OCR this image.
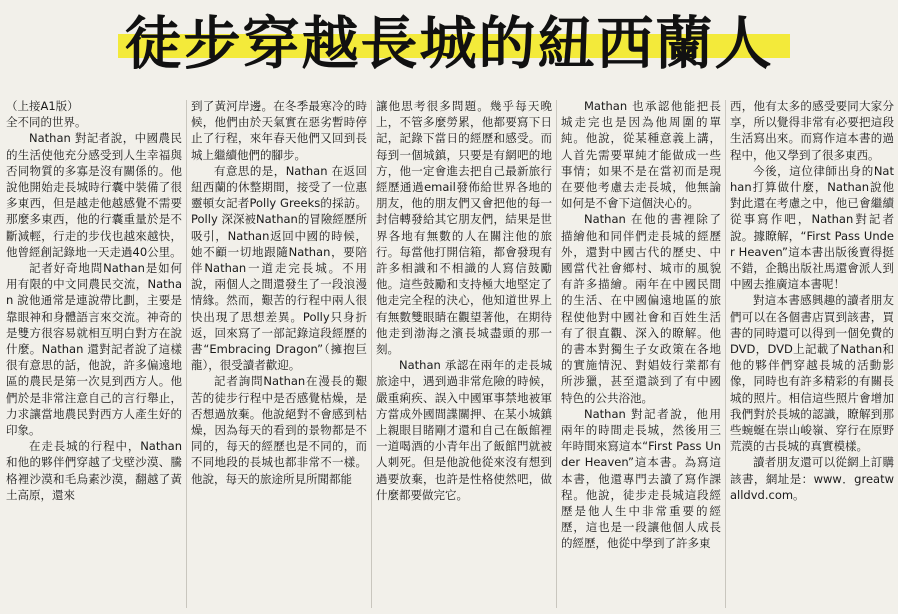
徒步穿越長城的紐西蘭人

（上接A1版）

全不同的世界。

Nathan 對記者說，中國農民的生活使他充分感受到人生幸福與否同物質的多寡是沒有關係的。他說他開始走長城時行囊中裝備了很多東西，但是越走他越感覺不需要那麼多東西，他的行囊重量於是不斷減輕，行走的步伐也越來越快，他曾經創記錄地一天走過40公里。

記者好奇地問Nathan是如何用有限的中文同農民交流，Nathan 說他通常是連說帶比劃，主要是靠眼神和身體語言來交流。神奇的是雙方很容易就相互明白對方在說什麼。Nathan 還對記者說了這樣很有意思的話，他說，許多偏遠地區的農民是第一次見到西方人。他們於是非常注意自己的言行舉止，力求讓當地農民對西方人產生好的印象。

在走長城的行程中，Nathan和他的夥伴們穿越了戈壁沙漠、騰格裡沙漠和毛烏素沙漠，翻越了黃土高原，還來

到了黃河岸邊。在冬季最寒冷的時候，他們由於天氣實在惡劣暫時停止了行程，來年春天他們又回到長城上繼續他們的腳步。

有意思的是，Nathan 在返回紐西蘭的休整期間，接受了一位惠靈頓女記者Polly Greeks的採訪。Polly 深深被Nathan的冒險經歷所吸引，Nathan返回中國的時候，她不顧一切地跟隨Nathan，要陪伴Nathan一道走完長城。不用說，兩個人之間還發生了一段浪漫情緣。然而，艱苦的行程中兩人很快出現了思想差異。Polly只身折返，回來寫了一部記錄這段經歷的書“Embracing Dragon”（擁抱巨龍），很受讀者歡迎。

記者詢問Nathan在漫長的艱苦的徒步行程中是否感覺枯燥，是否想過放棄。他說絕對不會感到枯燥，因為每天的看到的景物都是不同的，每天的經歷也是不同的，而不同地段的長城也都非常不一樣。他說，每天的旅途所見所聞都能

讓他思考很多問題。幾乎每天晚上，不管多麼勞累，他都要寫下日記，記錄下當日的經歷和感受。而每到一個城鎮，只要是有網吧的地方，他一定會進去把自己最新旅行經歷通過email發佈給世界各地的朋友，他的朋友們又會把他的每一封信轉發給其它朋友們，結果是世界各地有無數的人在關注他的旅行。每當他打開信箱，都會發現有許多相識和不相識的人寫信鼓勵他。這些鼓勵和支持極大地堅定了他走完全程的決心，他知道世界上有無數雙眼睛在觀望著他，在期待他走到渤海之濱長城盡頭的那一刻。

Nathan 承認在兩年的走長城旅途中，遇到過非常危險的時候，嚴重痢疾、誤入中國軍事禁地被軍方當成外國間諜關押、在某小城鎮上親眼目睹剛才還和自己在飯館裡一道喝酒的小青年出了飯館門就被人刺死。但是他說他從來沒有想到過要放棄，也許是性格使然吧，做什麼都要做完它。

Mathan 也承認他能把長城走完也是因為他周圍的單純。他說，從某種意義上講，人首先需要單純才能做成一些事情；如果不是在當初而是現在要他考慮去走長城，他無論如何是不會下這個決心的。

Nathan 在他的書裡除了描繪他和同伴們走長城的經歷外，還對中國古代的歷史、中國當代社會鄉村、城市的風貌有許多描繪。兩年在中國民間的生活、在中國偏遠地區的旅程使他對中國社會和百姓生活有了很直觀、深入的瞭解。他的書本對獨生子女政策在各地的實施情況、對娼妓行業都有所涉獵，甚至還談到了有中國特色的公共浴池。

Nathan 對記者說，他用兩年的時間走長城，然後用三年時間來寫這本“First Pass Under Heaven”這本書。為寫這本書，他還專門去讀了寫作課程。他說，徒步走長城這段經歷是他人生中非常重要的經歷，這也是一段讓他個人成長的經歷，他從中學到了許多東

西，他有太多的感受要同大家分享，所以覺得非常有必要把這段生活寫出來。而寫作這本書的過程中，他又學到了很多東西。

今後，這位律師出身的Nathan打算做什麼，Nathan說他對此還在考慮之中，他已會繼續從事寫作吧，Nathan對記者說。據瞭解，“First Pass Under Heaven”這本書出版後賣得挺不錯，企鵝出版社馬還會派人到中國去推廣這本書呢！

對這本書感興趣的讀者朋友們可以在各個書店買到該書，買書的同時還可以得到一個免費的DVD，DVD上記載了Nathan和他的夥伴們穿越長城的活動影像，同時也有許多精彩的有關長城的照片。相信這些照片會增加我們對於長城的認識，瞭解到那些蜿蜒在崇山峻嶺、穿行在原野荒漠的古長城的真實模樣。

讀者朋友還可以從網上訂購該書，網址是：www．greatwalldvd.com。
